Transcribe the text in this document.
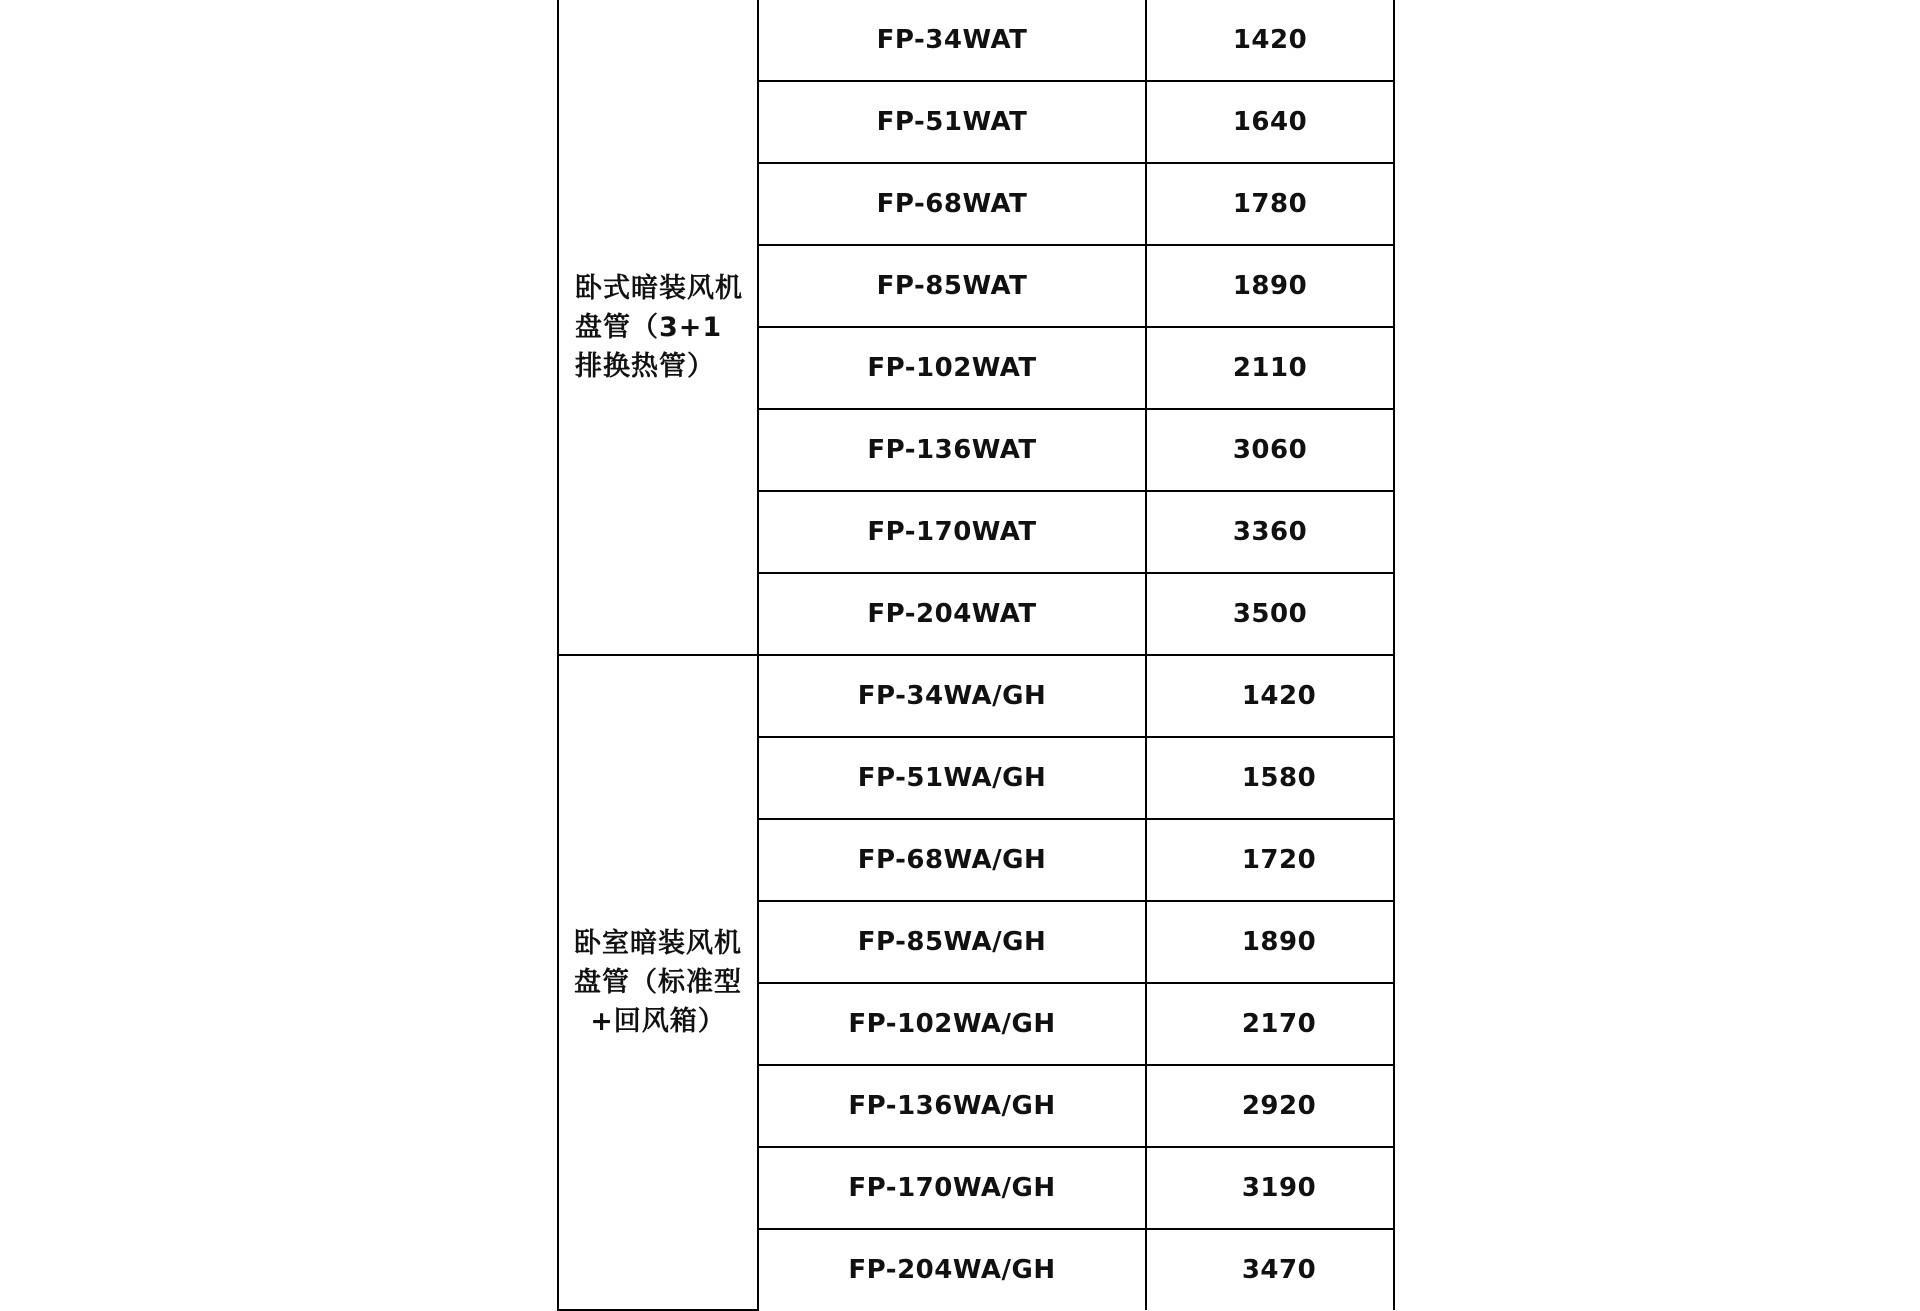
卧式暗装风机盘管（3+1排换热管）	FP-34WAT	1420
	FP-51WAT	1640
	FP-68WAT	1780
	FP-85WAT	1890
	FP-102WAT	2110
	FP-136WAT	3060
	FP-170WAT	3360
	FP-204WAT	3500
卧室暗装风机盘管（标准型+回风箱）	FP-34WA/GH	1420
	FP-51WA/GH	1580
	FP-68WA/GH	1720
	FP-85WA/GH	1890
	FP-102WA/GH	2170
	FP-136WA/GH	2920
	FP-170WA/GH	3190
	FP-204WA/GH	3470
